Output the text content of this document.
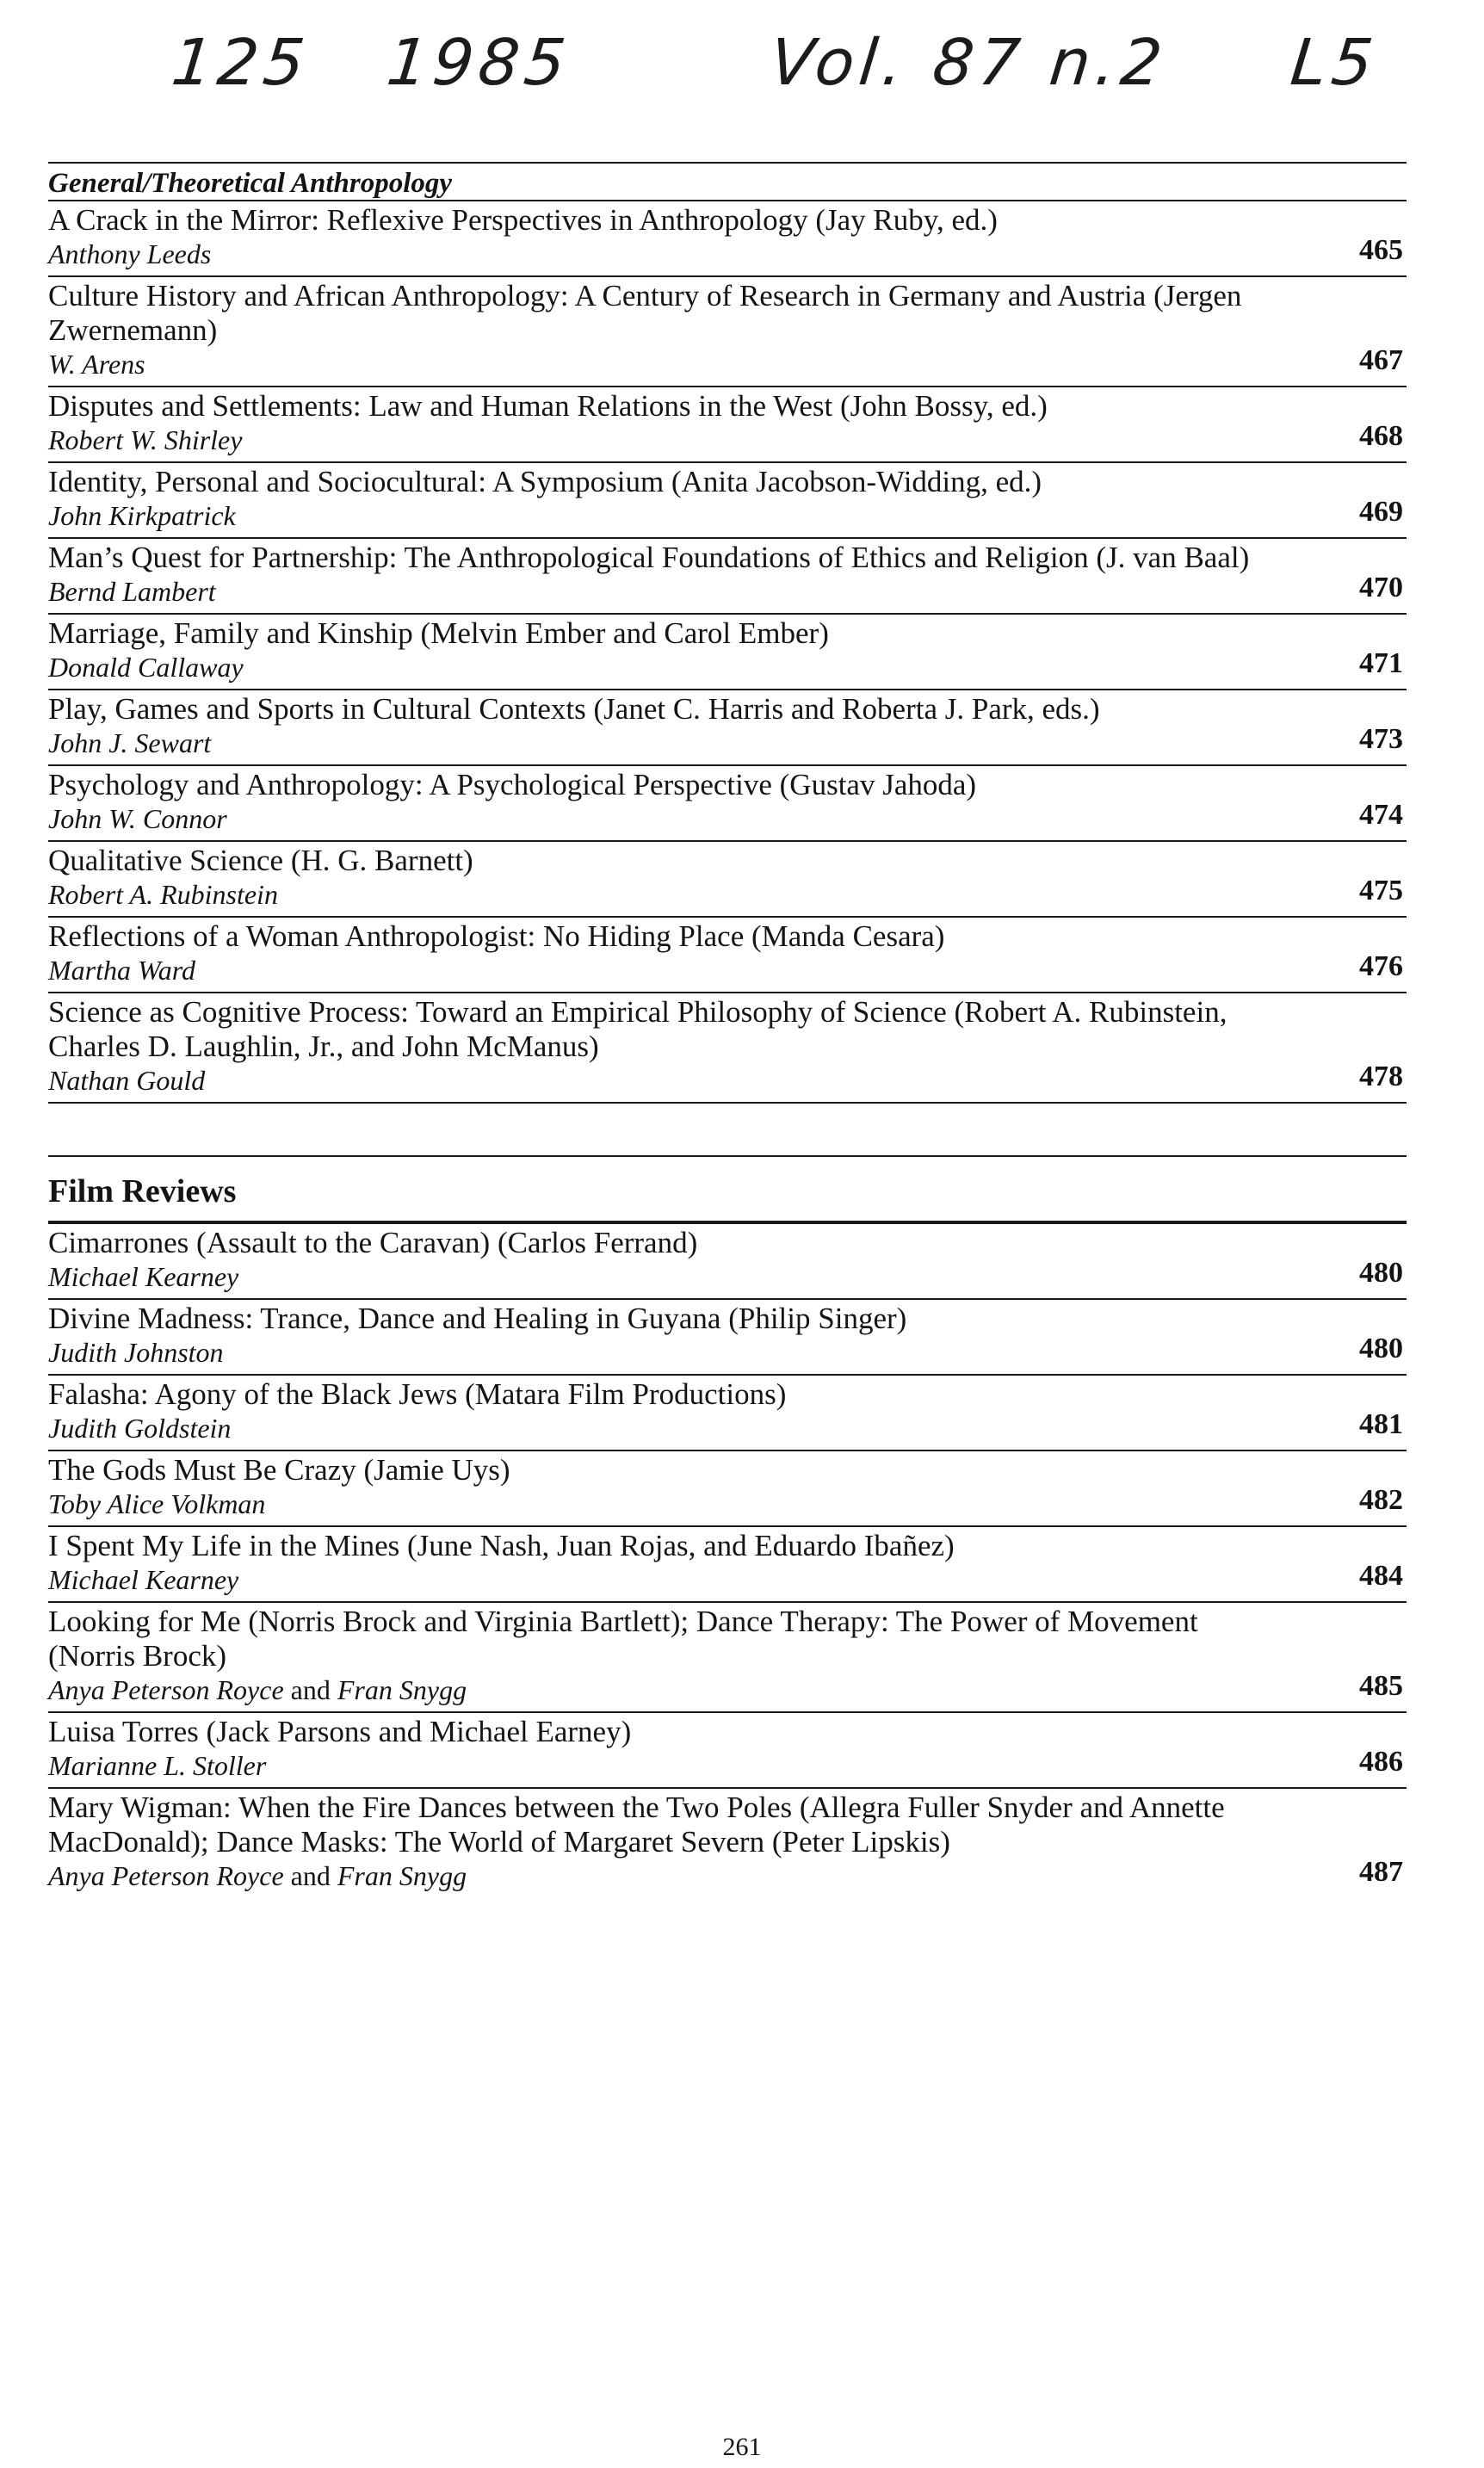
125 1985	Vol. 87 n.2 L5
General/Theoretical Anthropology
A Crack in the Mirror: Reflexive Perspectives in Anthropology (Jay Ruby, ed.)
Anthony Leeds	465
Culture History and African Anthropology: A Century of Research in Germany and Austria (Jergen Zwernemann)
W. Arens	467
Disputes and Settlements: Law and Human Relations in the West (John Bossy, ed.)
Robert W. Shirley	468
Identity, Personal and Sociocultural: A Symposium (Anita Jacobson-Widding, ed.)
John Kirkpatrick	469
Man’s Quest for Partnership: The Anthropological Foundations of Ethics and Religion (J. van Baal)
Bernd Lambert	470
Marriage, Family and Kinship (Melvin Ember and Carol Ember)
Donald Callaway	471
Play, Games and Sports in Cultural Contexts (Janet C. Harris and Roberta J. Park, eds.)
John J. Sewart	473
Psychology and Anthropology: A Psychological Perspective (Gustav Jahoda)
John W. Connor	474
Qualitative Science (H. G. Barnett)
Robert A. Rubinstein	475
Reflections of a Woman Anthropologist: No Hiding Place (Manda Cesara)
Martha Ward	476
Science as Cognitive Process: Toward an Empirical Philosophy of Science (Robert A. Rubinstein, Charles D. Laughlin, Jr., and John McManus)
Nathan Gould	478
Film Reviews
Cimarrones (Assault to the Caravan) (Carlos Ferrand)
Michael Kearney	480
Divine Madness: Trance, Dance and Healing in Guyana (Philip Singer)
Judith Johnston	480
Falasha: Agony of the Black Jews (Matara Film Productions)
Judith Goldstein	481
The Gods Must Be Crazy (Jamie Uys)
Toby Alice Volkman	482
I Spent My Life in the Mines (June Nash, Juan Rojas, and Eduardo Ibañez)
Michael Kearney	484
Looking for Me (Norris Brock and Virginia Bartlett); Dance Therapy: The Power of Movement (Norris Brock)
Anya Peterson Royce and Fran Snygg	485
Luisa Torres (Jack Parsons and Michael Earney)
Marianne L. Stoller	486
Mary Wigman: When the Fire Dances between the Two Poles (Allegra Fuller Snyder and Annette MacDonald); Dance Masks: The World of Margaret Severn (Peter Lipskis)
Anya Peterson Royce and Fran Snygg	487
261
